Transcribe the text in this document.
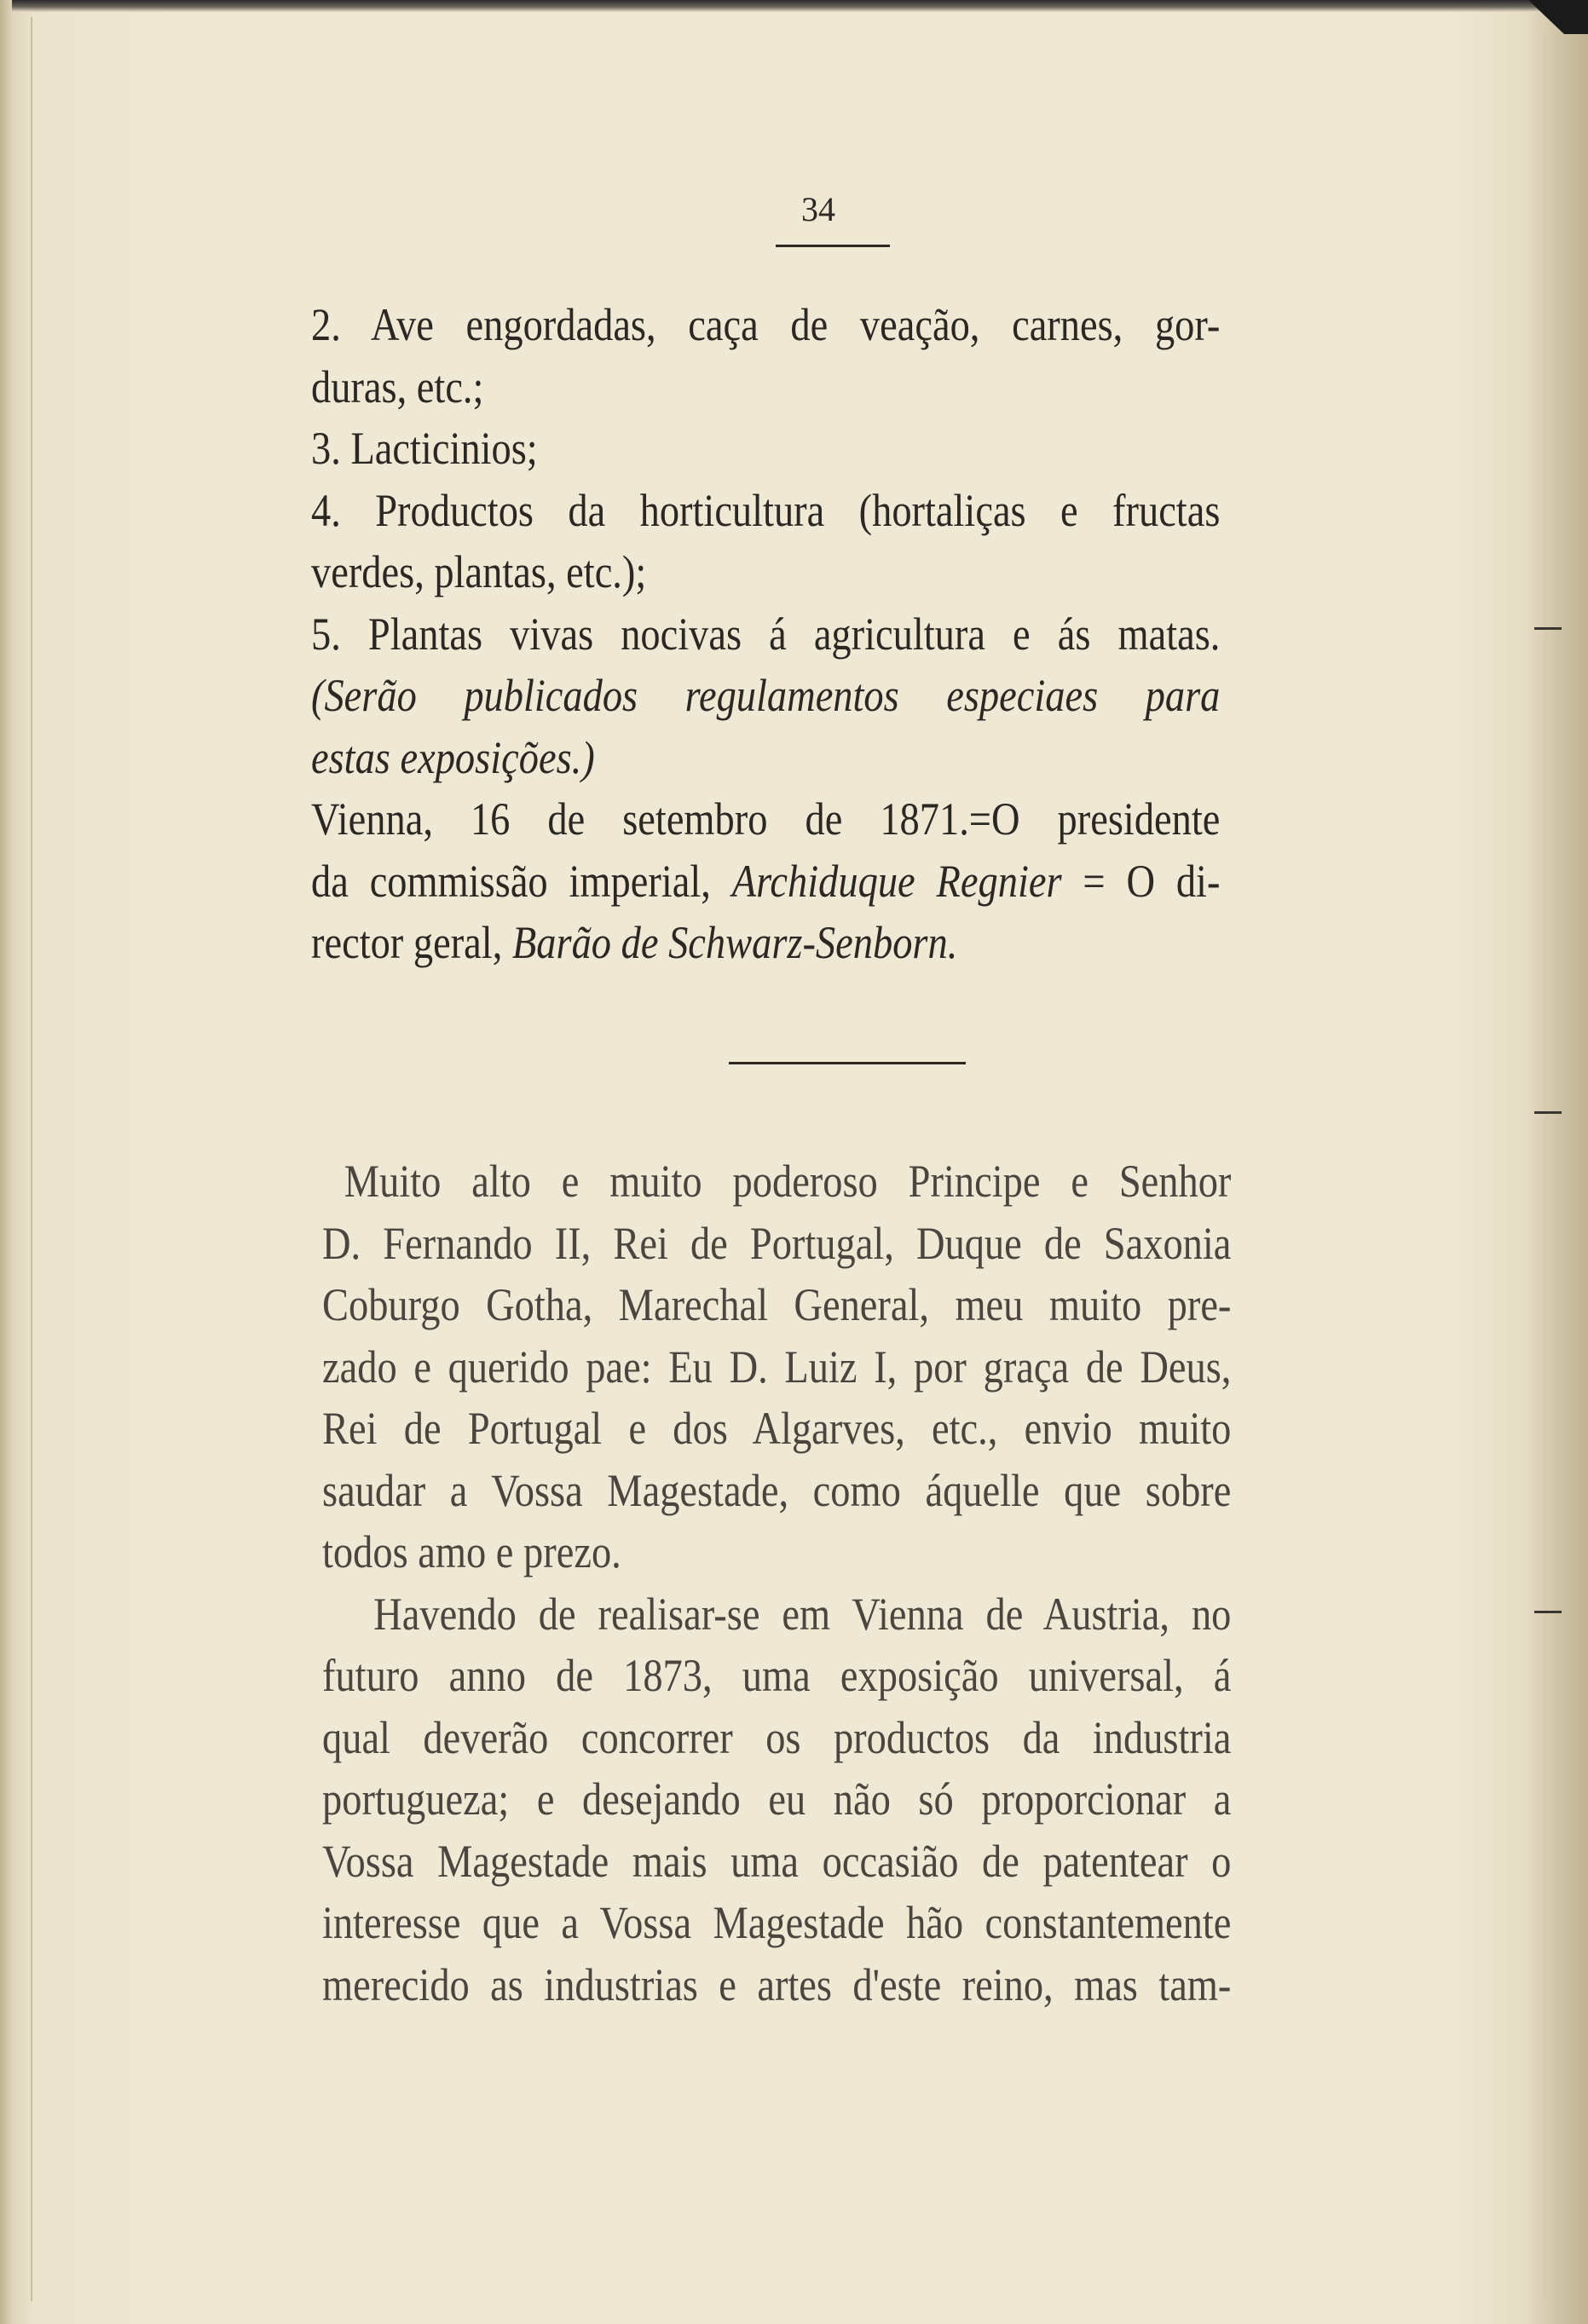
34
2. Ave engordadas, caça de veação, carnes, gor-
duras, etc.;
3. Lacticinios;
4. Productos da horticultura (hortaliças e fructas
verdes, plantas, etc.);
5. Plantas vivas nocivas á agricultura e ás matas.
(Serão publicados regulamentos especiaes para
estas exposições.)
Vienna, 16 de setembro de 1871.=O presidente
da commissão imperial, Archiduque Regnier = O di-
rector geral, Barão de Schwarz-Senborn.
Muito alto e muito poderoso Principe e Senhor
D. Fernando II, Rei de Portugal, Duque de Saxonia
Coburgo Gotha, Marechal General, meu muito pre-
zado e querido pae: Eu D. Luiz I, por graça de Deus,
Rei de Portugal e dos Algarves, etc., envio muito
saudar a Vossa Magestade, como áquelle que sobre
todos amo e prezo.
Havendo de realisar-se em Vienna de Austria, no
futuro anno de 1873, uma exposição universal, á
qual deverão concorrer os productos da industria
portugueza; e desejando eu não só proporcionar a
Vossa Magestade mais uma occasião de patentear o
interesse que a Vossa Magestade hão constantemente
merecido as industrias e artes d'este reino, mas tam-
